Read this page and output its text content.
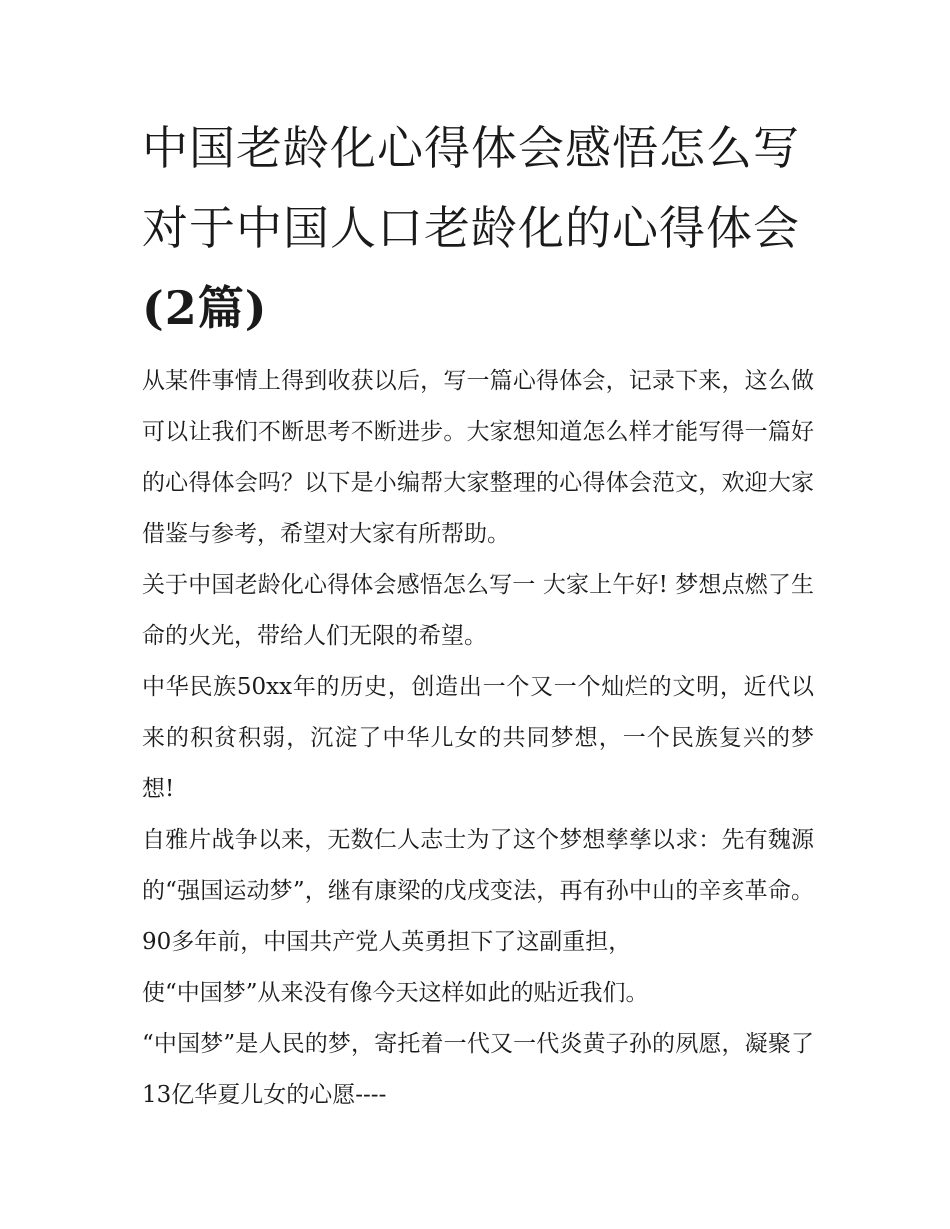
中国老龄化心得体会感悟怎么写 对于中国人口老龄化的心得体会(2篇)

从某件事情上得到收获以后，写一篇心得体会，记录下来，这么做可以让我们不断思考不断进步。大家想知道怎么样才能写得一篇好的心得体会吗？以下是小编帮大家整理的心得体会范文，欢迎大家借鉴与参考，希望对大家有所帮助。

关于中国老龄化心得体会感悟怎么写一 大家上午好! 梦想点燃了生命的火光，带给人们无限的希望。

中华民族50xx年的历史，创造出一个又一个灿烂的文明，近代以来的积贫积弱，沉淀了中华儿女的共同梦想，一个民族复兴的梦想!

自雅片战争以来，无数仁人志士为了这个梦想孳孳以求：先有魏源的“强国运动梦”，继有康梁的戊戌变法，再有孙中山的辛亥革命。90多年前，中国共产党人英勇担下了这副重担，

使“中国梦”从来没有像今天这样如此的贴近我们。

“中国梦”是人民的梦，寄托着一代又一代炎黄子孙的夙愿，凝聚了13亿华夏儿女的心愿----
